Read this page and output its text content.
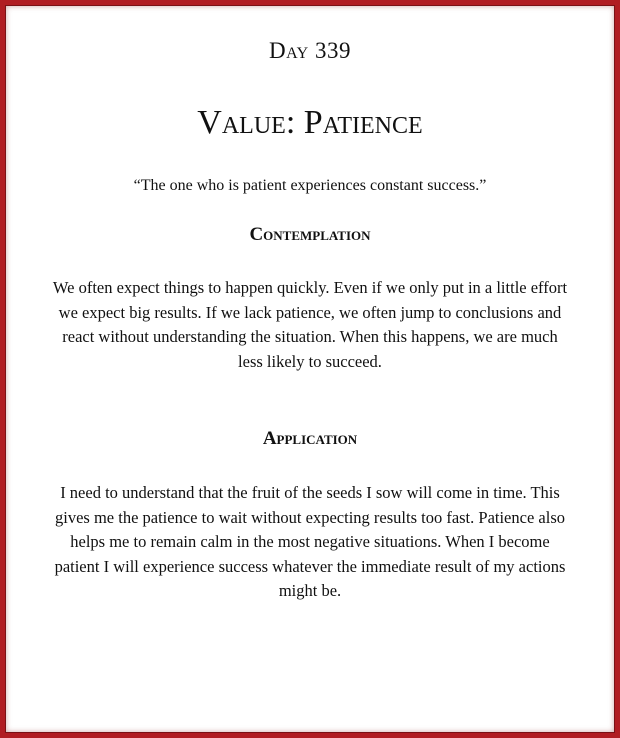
Day 339
Value: Patience
“The one who is patient experiences constant success.”
Contemplation
We often expect things to happen quickly. Even if we only put in a little effort we expect big results. If we lack patience, we often jump to conclusions and react without understanding the situation. When this happens, we are much less likely to succeed.
Application
I need to understand that the fruit of the seeds I sow will come in time. This gives me the patience to wait without expecting results too fast. Patience also helps me to remain calm in the most negative situations. When I become patient I will experience success whatever the immediate result of my actions might be.
